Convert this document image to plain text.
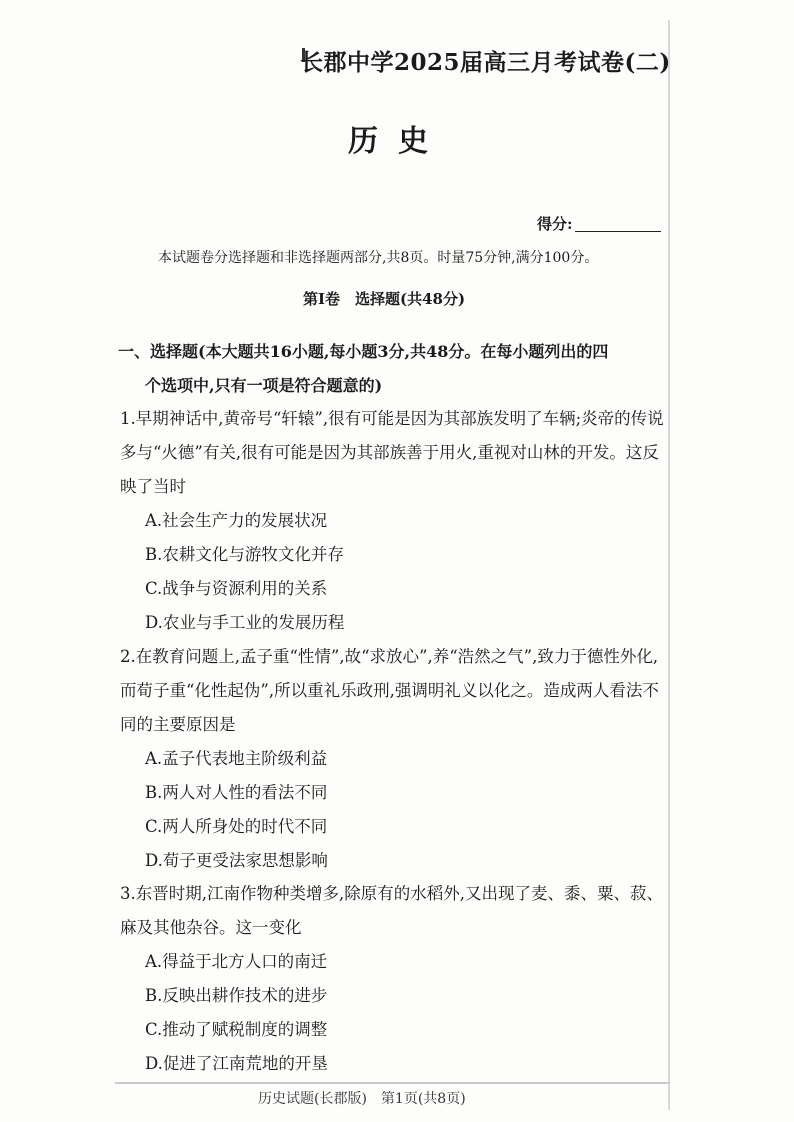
长郡中学2025届高三月考试卷(二)
历史
得分:
本试题卷分选择题和非选择题两部分,共8页。时量75分钟,满分100分。
第Ⅰ卷　选择题(共48分)
一、选择题(本大题共16小题,每小题3分,共48分。在每小题列出的四
个选项中,只有一项是符合题意的)

1.早期神话中,黄帝号“轩辕”,很有可能是因为其部族发明了车辆;炎帝的传说多与“火德”有关,很有可能是因为其部族善于用火,重视对山林的开发。这反映了当时

A.社会生产力的发展状况

B.农耕文化与游牧文化并存

C.战争与资源利用的关系

D.农业与手工业的发展历程

2.在教育问题上,孟子重“性情”,故“求放心”,养“浩然之气”,致力于德性外化,而荀子重“化性起伪”,所以重礼乐政刑,强调明礼义以化之。造成两人看法不同的主要原因是

A.孟子代表地主阶级利益

B.两人对人性的看法不同

C.两人所身处的时代不同

D.荀子更受法家思想影响

3.东晋时期,江南作物种类增多,除原有的水稻外,又出现了麦、黍、粟、菽、麻及其他杂谷。这一变化

A.得益于北方人口的南迁

B.反映出耕作技术的进步

C.推动了赋税制度的调整

D.促进了江南荒地的开垦

历史试题(长郡版)　第1页(共8页)
